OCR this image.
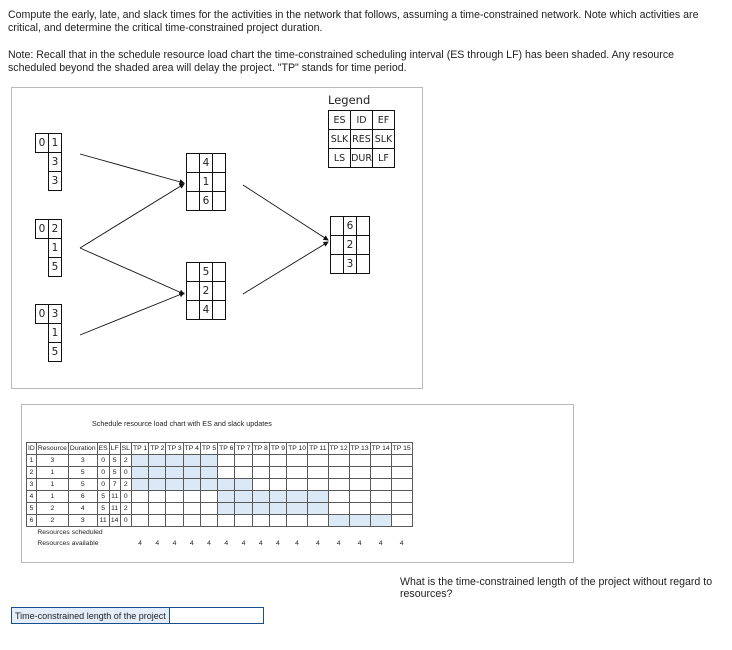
Compute the early, late, and slack times for the activities in the network that follows, assuming a time-constrained network. Note which activities are critical, and determine the critical time-constrained project duration.
Note: Recall that in the schedule resource load chart the time-constrained scheduling interval (ES through LF) has been shaded. Any resource scheduled beyond the shaded area will delay the project. "TP" stands for time period.
Legend
ES	ID	EF
SLK	RES	SLK
LS	DUR	LF
0	1	
	3	
	3	
0	2	
	1	
	5	
0	3	
	1	
	5	
	4	
	1	
	6	
	5	
	2	
	4	
	6	
	2	
	3	
Schedule resource load chart with ES and slack updates
ID	Resource	Duration	ES	LF	SL	TP 1	TP 2	TP 3	TP 4	TP 5	TP 6	TP 7	TP 8	TP 9	TP 10	TP 11	TP 12	TP 13	TP 14	TP 15
1	3	3	0	5	2															
2	1	5	0	5	0															
3	1	5	0	7	2															
4	1	6	5	11	0															
5	2	4	5	11	2															
6	2	3	11	14	0															
	Resources scheduled																			
	Resources available					4	4	4	4	4	4	4	4	4	4	4	4	4	4	4
What is the time-constrained length of the project without regard to resources?
Time-constrained length of the project
